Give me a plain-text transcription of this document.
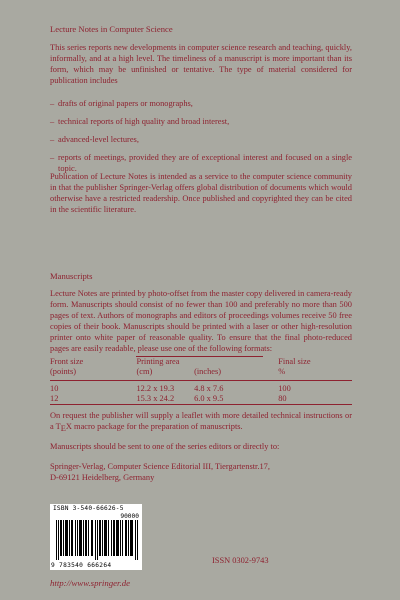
Lecture Notes in Computer Science

This series reports new developments in computer science research and teaching, quickly, informally, and at a high level. The timeliness of a manuscript is more important than its form, which may be unfinished or tentative. The type of material considered for publication includes

– drafts of original papers or monographs,
– technical reports of high quality and broad interest,
– advanced-level lectures,
– reports of meetings, provided they are of exceptional interest and focused on a single topic.

Publication of Lecture Notes is intended as a service to the computer science community in that the publisher Springer-Verlag offers global distribution of documents which would otherwise have a restricted readership. Once published and copyrighted they can be cited in the scientific literature.

Manuscripts

Lecture Notes are printed by photo-offset from the master copy delivered in camera-ready form. Manuscripts should consist of no fewer than 100 and preferably no more than 500 pages of text. Authors of monographs and editors of proceedings volumes receive 50 free copies of their book. Manuscripts should be printed with a laser or other high-resolution printer onto white paper of reasonable quality. To ensure that the final photo-reduced pages are easily readable, please use one of the following formats:

Front size	Printing area		Final size
(points)	(cm)	(inches)	%
10	12.2 x 19.3	4.8 x 7.6	100
12	15.3 x 24.2	6.0 x 9.5	80

On request the publisher will supply a leaflet with more detailed technical instructions or a $T_EX$ macro package for the preparation of manuscripts.

Manuscripts should be sent to one of the series editors or directly to:

Springer-Verlag, Computer Science Editorial III, Tiergartenstr.17,
D-69121 Heidelberg, Germany

ISBN 3-540-66626-5
90000
9 783540 666264
ISSN 0302-9743
http://www.springer.de
